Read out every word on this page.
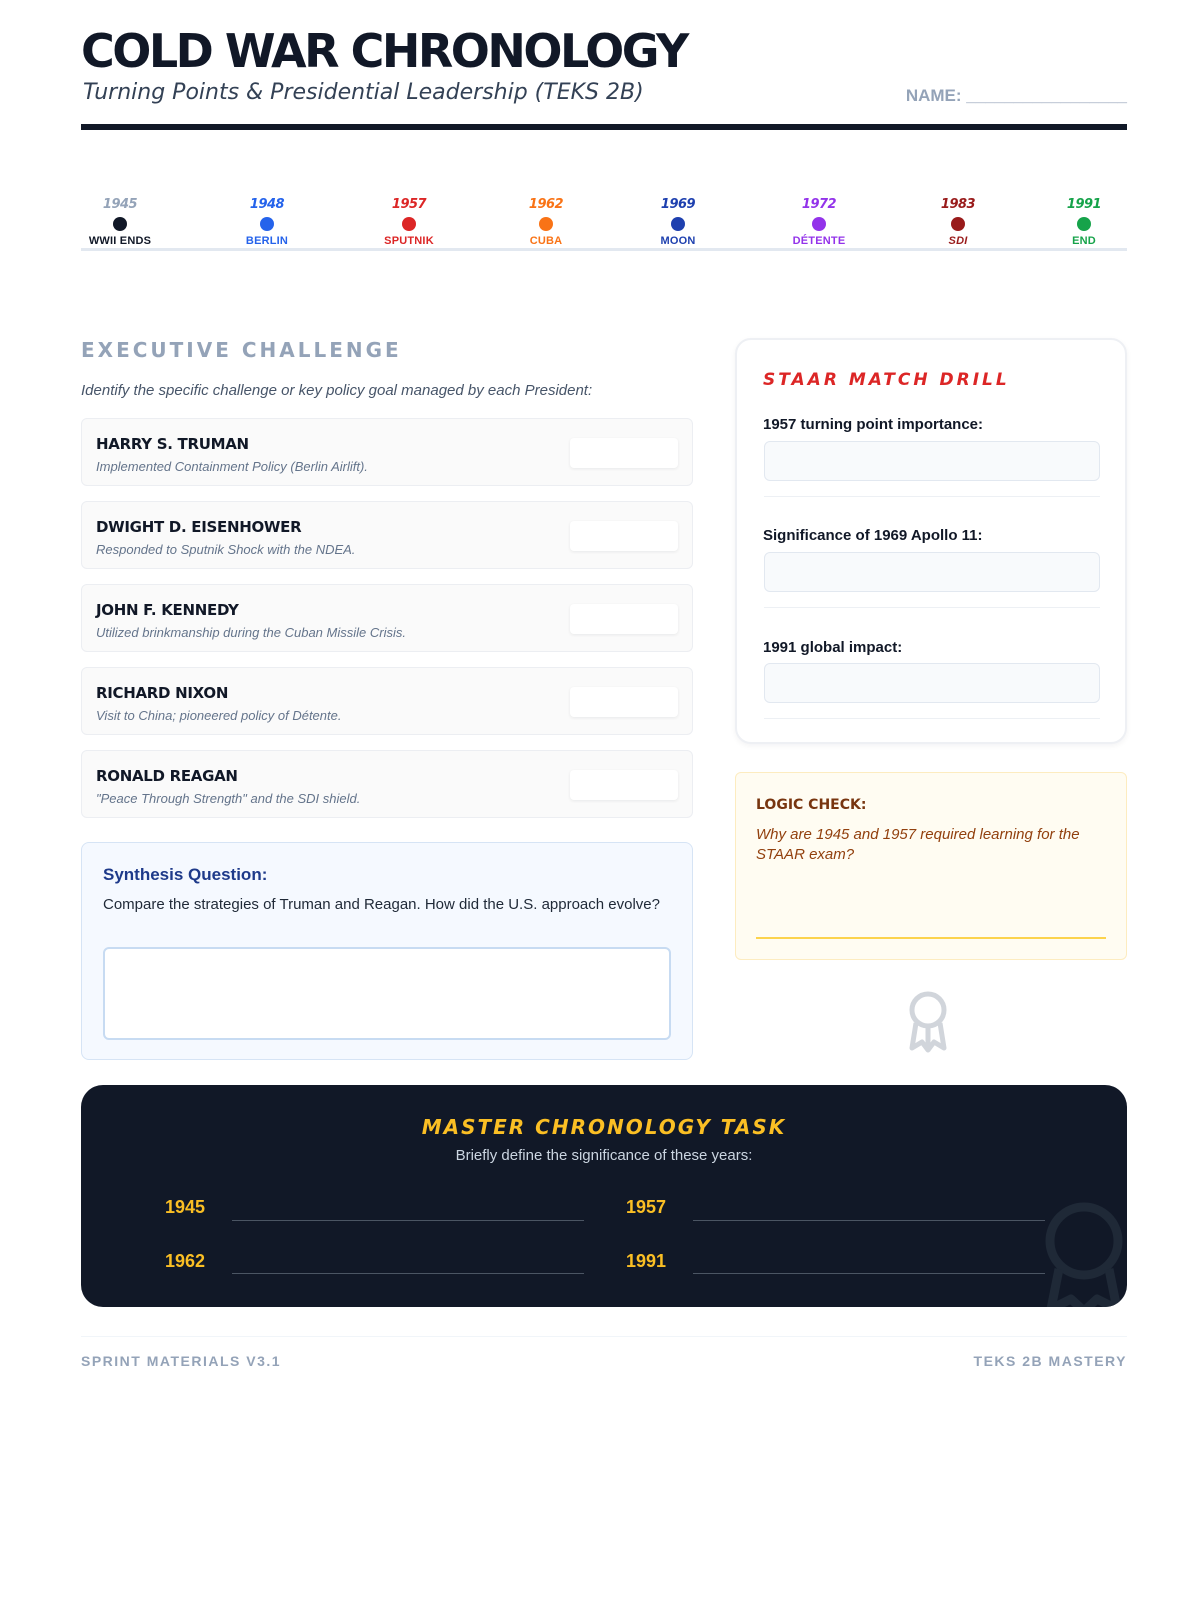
COLD WAR CHRONOLOGY
Turning Points & Presidential Leadership (TEKS 2B)	NAME: _________________
1945
WWII ENDS
1948
BERLIN
1957
SPUTNIK
1962
CUBA
1969
MOON
1972
DÉTENTE
1983
SDI
1991
END
EXECUTIVE CHALLENGE

Identify the specific challenge or key policy goal managed by each President:

HARRY S. TRUMAN
Implemented Containment Policy (Berlin Airlift).
DWIGHT D. EISENHOWER
Responded to Sputnik Shock with the NDEA.
JOHN F. KENNEDY
Utilized brinkmanship during the Cuban Missile Crisis.
RICHARD NIXON
Visit to China; pioneered policy of Détente.
RONALD REAGAN
"Peace Through Strength" and the SDI shield.
Synthesis Question:
Compare the strategies of Truman and Reagan. How did the U.S. approach evolve?
STAAR MATCH DRILL
1957 turning point importance:
Significance of 1969 Apollo 11:
1991 global impact:
LOGIC CHECK:
Why are 1945 and 1957 required learning for the STAAR exam?
MASTER CHRONOLOGY TASK
Briefly define the significance of these years:
1945	1957
1962	1991
SPRINT MATERIALS V3.1	TEKS 2B MASTERY
